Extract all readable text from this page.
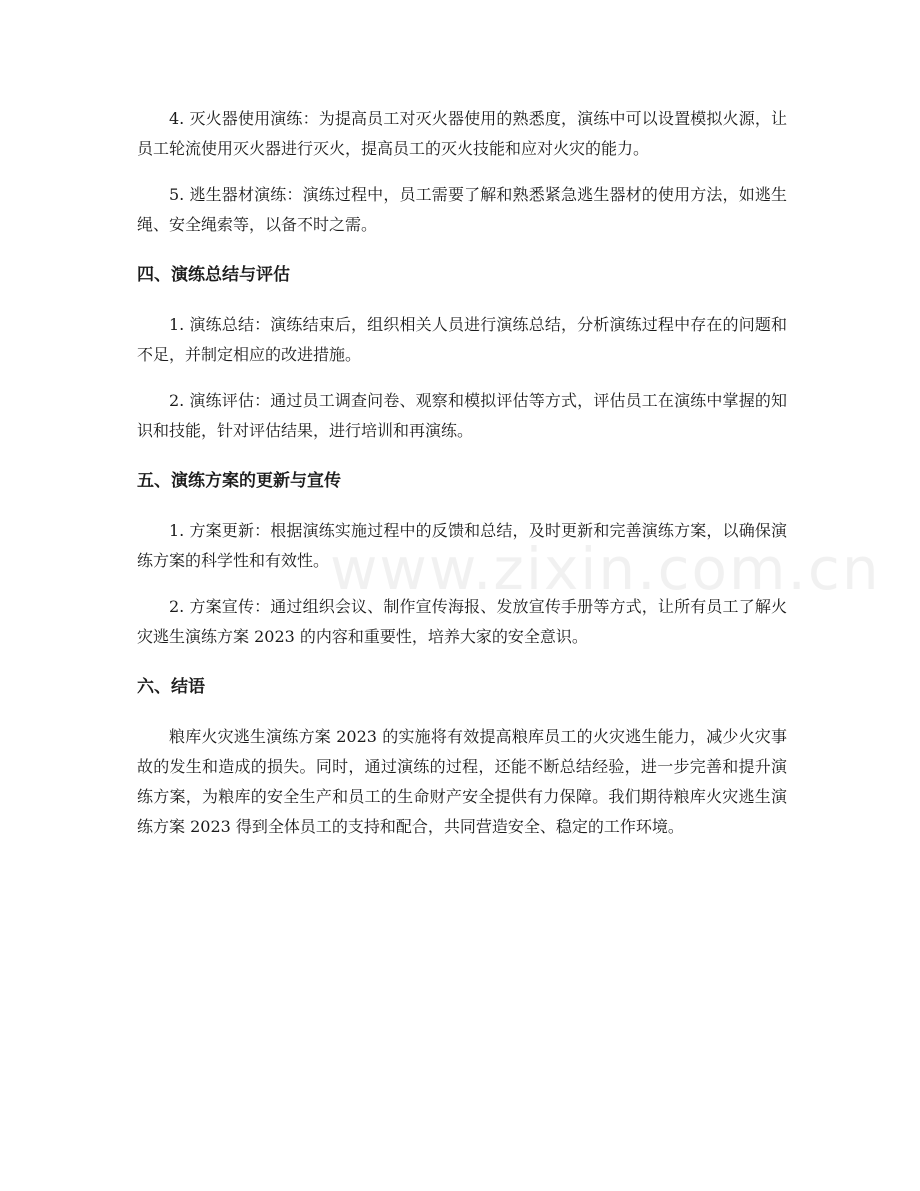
4. 灭火器使用演练：为提高员工对灭火器使用的熟悉度，演练中可以设置模拟火源，让员工轮流使用灭火器进行灭火，提高员工的灭火技能和应对火灾的能力。

5. 逃生器材演练：演练过程中，员工需要了解和熟悉紧急逃生器材的使用方法，如逃生绳、安全绳索等，以备不时之需。

四、演练总结与评估

1. 演练总结：演练结束后，组织相关人员进行演练总结，分析演练过程中存在的问题和不足，并制定相应的改进措施。

2. 演练评估：通过员工调查问卷、观察和模拟评估等方式，评估员工在演练中掌握的知识和技能，针对评估结果，进行培训和再演练。

五、演练方案的更新与宣传

1. 方案更新：根据演练实施过程中的反馈和总结，及时更新和完善演练方案，以确保演练方案的科学性和有效性。

2. 方案宣传：通过组织会议、制作宣传海报、发放宣传手册等方式，让所有员工了解火灾逃生演练方案 2023 的内容和重要性，培养大家的安全意识。

六、结语

粮库火灾逃生演练方案 2023 的实施将有效提高粮库员工的火灾逃生能力，减少火灾事故的发生和造成的损失。同时，通过演练的过程，还能不断总结经验，进一步完善和提升演练方案，为粮库的安全生产和员工的生命财产安全提供有力保障。我们期待粮库火灾逃生演练方案 2023 得到全体员工的支持和配合，共同营造安全、稳定的工作环境。

www.zixin.com.cn
